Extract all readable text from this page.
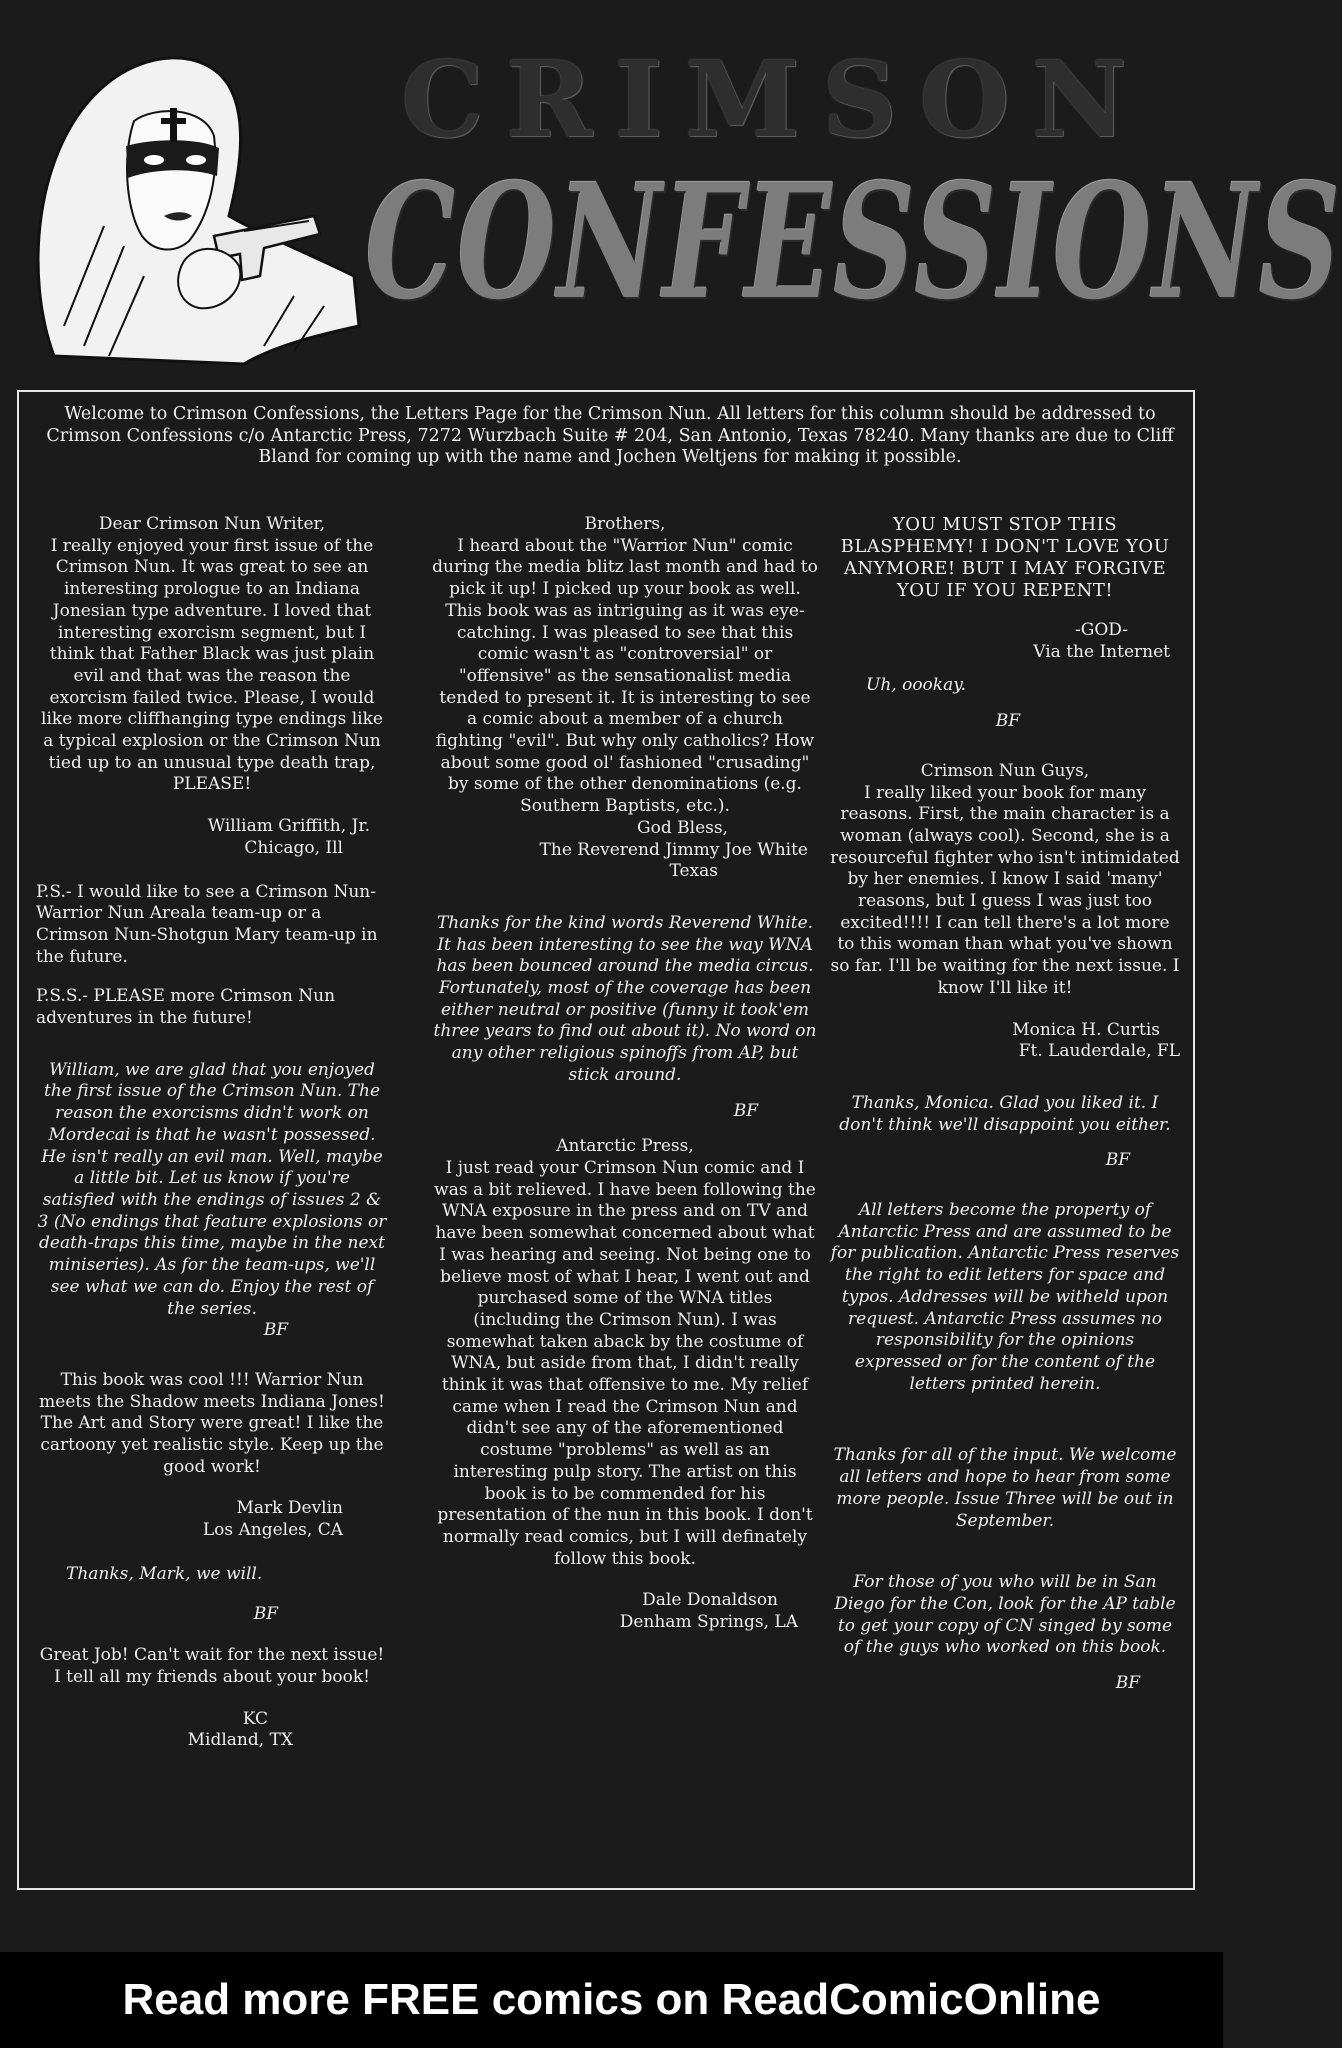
CRIMSON
CONFESSIONS
Welcome to Crimson Confessions, the Letters Page for the Crimson Nun. All letters for this column should be addressed to Crimson Confessions c/o Antarctic Press, 7272 Wurzbach Suite # 204, San Antonio, Texas 78240. Many thanks are due to Cliff Bland for coming up with the name and Jochen Weltjens for making it possible.

Dear Crimson Nun Writer,
I really enjoyed your first issue of the Crimson Nun. It was great to see an interesting prologue to an Indiana Jonesian type adventure. I loved that interesting exorcism segment, but I think that Father Black was just plain evil and that was the reason the exorcism failed twice. Please, I would like more cliffhanging type endings like a typical explosion or the Crimson Nun tied up to an unusual type death trap, PLEASE!

William Griffith, Jr.

Chicago, Ill

P.S.- I would like to see a Crimson Nun-Warrior Nun Areala team-up or a Crimson Nun-Shotgun Mary team-up in the future.

P.S.S.- PLEASE more Crimson Nun adventures in the future!

William, we are glad that you enjoyed the first issue of the Crimson Nun. The reason the exorcisms didn't work on Mordecai is that he wasn't possessed. He isn't really an evil man. Well, maybe a little bit. Let us know if you're satisfied with the endings of issues 2 & 3 (No endings that feature explosions or death-traps this time, maybe in the next miniseries). As for the team-ups, we'll see what we can do. Enjoy the rest of the series.

BF

This book was cool !!! Warrior Nun meets the Shadow meets Indiana Jones! The Art and Story were great! I like the cartoony yet realistic style. Keep up the good work!

Mark Devlin

Los Angeles, CA

Thanks, Mark, we will.

BF

Great Job! Can't wait for the next issue! I tell all my friends about your book!

KC

Midland, TX

Brothers,
I heard about the "Warrior Nun" comic during the media blitz last month and had to pick it up! I picked up your book as well. This book was as intriguing as it was eye-catching. I was pleased to see that this comic wasn't as "controversial" or "offensive" as the sensationalist media tended to present it. It is interesting to see a comic about a member of a church fighting "evil". But why only catholics? How about some good ol' fashioned "crusading" by some of the other denominations (e.g. Southern Baptists, etc.).

God Bless,

The Reverend Jimmy Joe White

Texas

Thanks for the kind words Reverend White. It has been interesting to see the way WNA has been bounced around the media circus. Fortunately, most of the coverage has been either neutral or positive (funny it took'em three years to find out about it). No word on any other religious spinoffs from AP, but stick around.

BF

Antarctic Press,
I just read your Crimson Nun comic and I was a bit relieved. I have been following the WNA exposure in the press and on TV and have been somewhat concerned about what I was hearing and seeing. Not being one to believe most of what I hear, I went out and purchased some of the WNA titles (including the Crimson Nun). I was somewhat taken aback by the costume of WNA, but aside from that, I didn't really think it was that offensive to me. My relief came when I read the Crimson Nun and didn't see any of the aforementioned costume "problems" as well as an interesting pulp story. The artist on this book is to be commended for his presentation of the nun in this book. I don't normally read comics, but I will definately follow this book.

Dale Donaldson

Denham Springs, LA

YOU MUST STOP THIS BLASPHEMY! I DON'T LOVE YOU ANYMORE! BUT I MAY FORGIVE YOU IF YOU REPENT!

-GOD-

Via the Internet

Uh, oookay.

BF

Crimson Nun Guys,
I really liked your book for many reasons. First, the main character is a woman (always cool). Second, she is a resourceful fighter who isn't intimidated by her enemies. I know I said 'many' reasons, but I guess I was just too excited!!!! I can tell there's a lot more to this woman than what you've shown so far. I'll be waiting for the next issue. I know I'll like it!

Monica H. Curtis

Ft. Lauderdale, FL

Thanks, Monica. Glad you liked it. I don't think we'll disappoint you either.

BF

All letters become the property of Antarctic Press and are assumed to be for publication. Antarctic Press reserves the right to edit letters for space and typos. Addresses will be witheld upon request. Antarctic Press assumes no responsibility for the opinions expressed or for the content of the letters printed herein.

Thanks for all of the input. We welcome all letters and hope to hear from some more people. Issue Three will be out in September.

For those of you who will be in San Diego for the Con, look for the AP table to get your copy of CN singed by some of the guys who worked on this book.

BF

Read more FREE comics on ReadComicOnline
